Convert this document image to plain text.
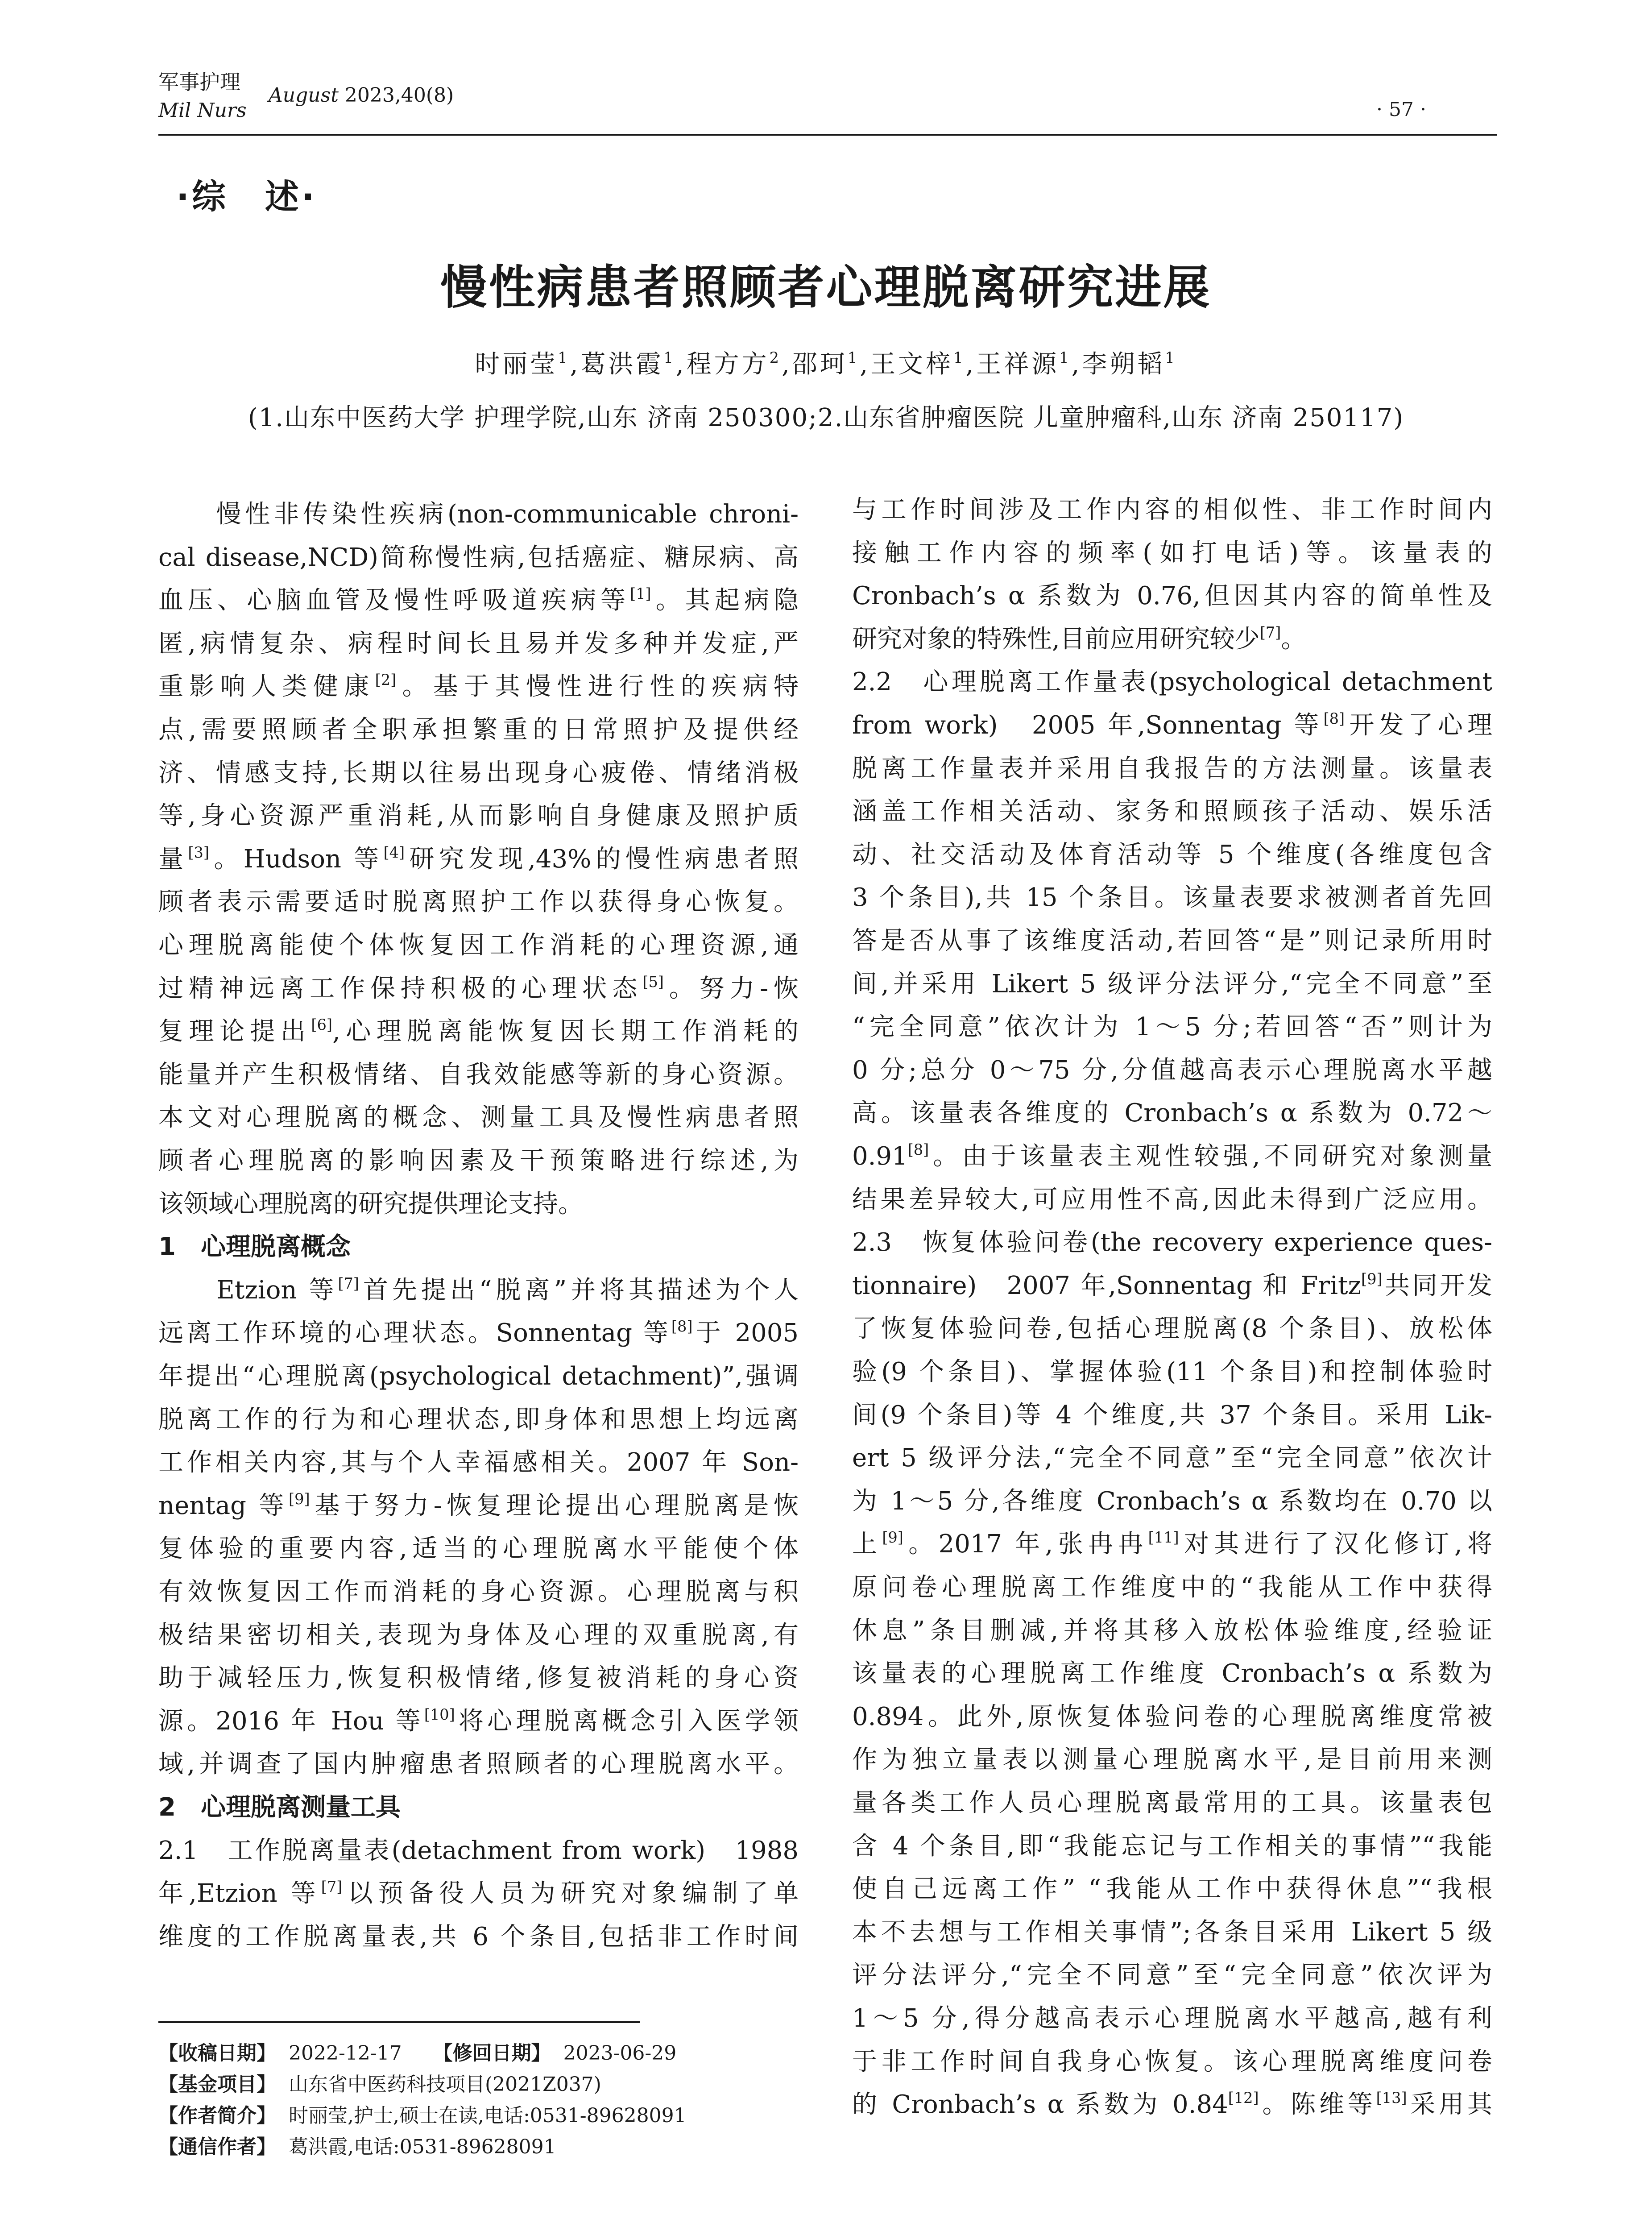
军事护理
Mil Nurs
August 2023,40(8)
· 57 ·
·综　述·
慢性病患者照顾者心理脱离研究进展
时丽莹$^1$,葛洪霞$^1$,程方方$^2$,邵珂$^1$,王文梓$^1$,王祥源$^1$,李朔韬$^1$
(1.山东中医药大学 护理学院,山东 济南 250300;2.山东省肿瘤医院 儿童肿瘤科,山东 济南 250117)
　　慢性非传染性疾病(non-communicable chroni-
cal disease,NCD)简称慢性病,包括癌症、糖尿病、高
血压、心脑血管及慢性呼吸道疾病等[1]。其起病隐
匿,病情复杂、病程时间长且易并发多种并发症,严
重影响人类健康[2]。基于其慢性进行性的疾病特
点,需要照顾者全职承担繁重的日常照护及提供经
济、情感支持,长期以往易出现身心疲倦、情绪消极
等,身心资源严重消耗,从而影响自身健康及照护质
量[3]。Hudson 等[4]研究发现,43%的慢性病患者照
顾者表示需要适时脱离照护工作以获得身心恢复。
心理脱离能使个体恢复因工作消耗的心理资源,通
过精神远离工作保持积极的心理状态[5]。努力-恢
复理论提出[6],心理脱离能恢复因长期工作消耗的
能量并产生积极情绪、自我效能感等新的身心资源。
本文对心理脱离的概念、测量工具及慢性病患者照
顾者心理脱离的影响因素及干预策略进行综述,为
该领域心理脱离的研究提供理论支持。
1　心理脱离概念
　　Etzion 等[7]首先提出“脱离”并将其描述为个人
远离工作环境的心理状态。Sonnentag 等[8]于 2005
年提出“心理脱离(psychological detachment)”,强调
脱离工作的行为和心理状态,即身体和思想上均远离
工作相关内容,其与个人幸福感相关。2007 年 Son-
nentag 等[9]基于努力-恢复理论提出心理脱离是恢
复体验的重要内容,适当的心理脱离水平能使个体
有效恢复因工作而消耗的身心资源。心理脱离与积
极结果密切相关,表现为身体及心理的双重脱离,有
助于减轻压力,恢复积极情绪,修复被消耗的身心资
源。2016 年 Hou 等[10]将心理脱离概念引入医学领
域,并调查了国内肿瘤患者照顾者的心理脱离水平。
2　心理脱离测量工具
2.1　工作脱离量表(detachment from work)　1988
年,Etzion 等[7]以预备役人员为研究对象编制了单
维度的工作脱离量表,共 6 个条目,包括非工作时间
与工作时间涉及工作内容的相似性、非工作时间内
接触工作内容的频率(如打电话)等。该量表的
Cronbach’s α 系数为 0.76,但因其内容的简单性及
研究对象的特殊性,目前应用研究较少[7]。
2.2　心理脱离工作量表(psychological detachment
from work)　2005 年,Sonnentag 等[8]开发了心理
脱离工作量表并采用自我报告的方法测量。该量表
涵盖工作相关活动、家务和照顾孩子活动、娱乐活
动、社交活动及体育活动等 5 个维度(各维度包含
3 个条目),共 15 个条目。该量表要求被测者首先回
答是否从事了该维度活动,若回答“是”则记录所用时
间,并采用 Likert 5 级评分法评分,“完全不同意”至
“完全同意”依次计为 1～5 分;若回答“否”则计为
0 分;总分 0～75 分,分值越高表示心理脱离水平越
高。该量表各维度的 Cronbach’s α 系数为 0.72～
0.91[8]。由于该量表主观性较强,不同研究对象测量
结果差异较大,可应用性不高,因此未得到广泛应用。
2.3　恢复体验问卷(the recovery experience ques-
tionnaire)　2007 年,Sonnentag 和 Fritz[9]共同开发
了恢复体验问卷,包括心理脱离(8 个条目)、放松体
验(9 个条目)、掌握体验(11 个条目)和控制体验时
间(9 个条目)等 4 个维度,共 37 个条目。采用 Lik-
ert 5 级评分法,“完全不同意”至“完全同意”依次计
为 1～5 分,各维度 Cronbach’s α 系数均在 0.70 以
上[9]。2017 年,张冉冉[11]对其进行了汉化修订,将
原问卷心理脱离工作维度中的“我能从工作中获得
休息”条目删减,并将其移入放松体验维度,经验证
该量表的心理脱离工作维度 Cronbach’s α 系数为
0.894。此外,原恢复体验问卷的心理脱离维度常被
作为独立量表以测量心理脱离水平,是目前用来测
量各类工作人员心理脱离最常用的工具。该量表包
含 4 个条目,即“我能忘记与工作相关的事情”“我能
使自己远离工作” “我能从工作中获得休息”“我根
本不去想与工作相关事情”;各条目采用 Likert 5 级
评分法评分,“完全不同意”至“完全同意”依次评为
1～5 分,得分越高表示心理脱离水平越高,越有利
于非工作时间自我身心恢复。该心理脱离维度问卷
的 Cronbach’s α 系数为 0.84[12]。陈维等[13]采用其
【收稿日期】 2022-12-17 【修回日期】 2023-06-29
【基金项目】 山东省中医药科技项目(2021Z037)
【作者简介】 时丽莹,护士,硕士在读,电话:0531-89628091
【通信作者】 葛洪霞,电话:0531-89628091
